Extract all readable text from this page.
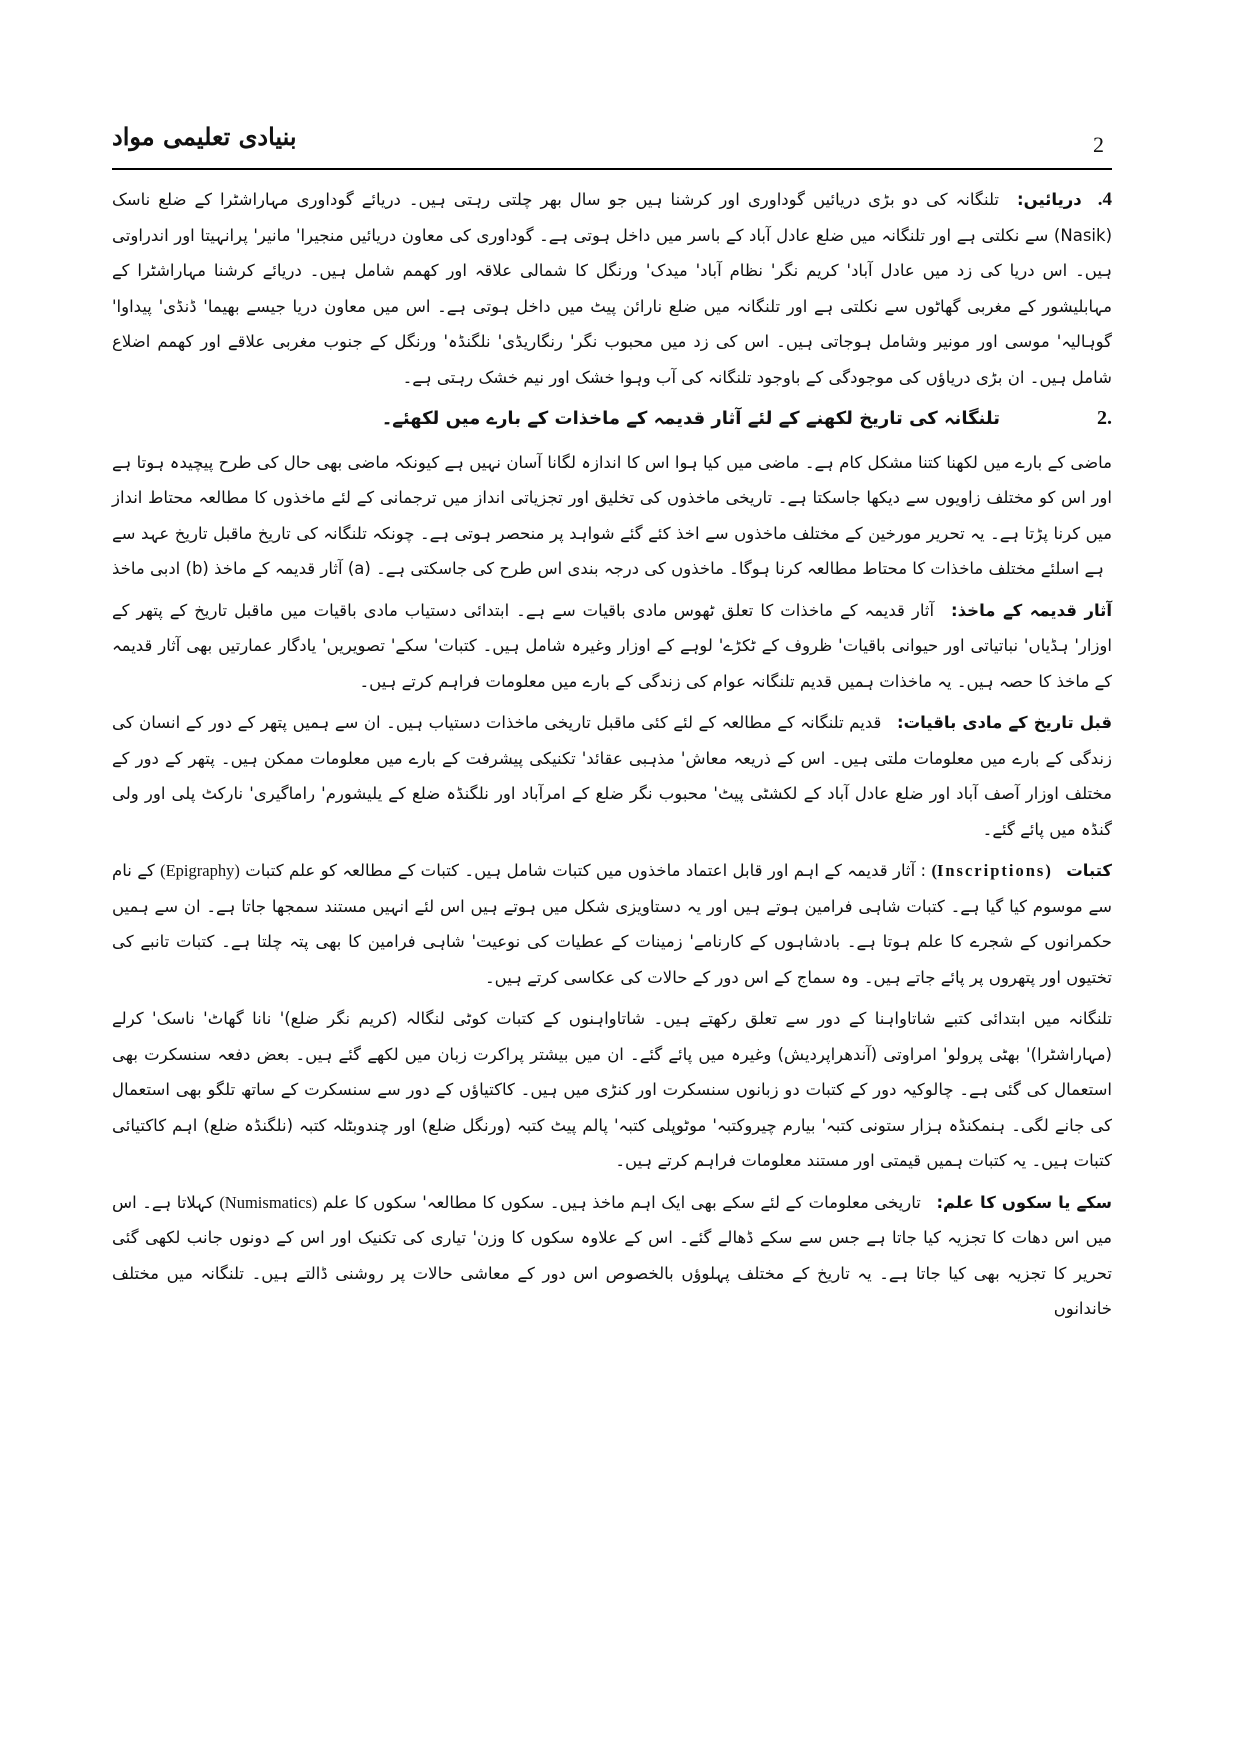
بنیادی تعلیمی مواد	2

4. دریائیں: تلنگانہ کی دو بڑی دریائیں گوداوری اور کرشنا ہیں جو سال بھر چلتی رہتی ہیں۔ دریائے گوداوری مہاراشٹرا کے ضلع ناسک (Nasik) سے نکلتی ہے اور تلنگانہ میں ضلع عادل آباد کے باسر میں داخل ہوتی ہے۔ گوداوری کی معاون دریائیں منجیرا' مانیر' پرانہیتا اور اندراوتی ہیں۔ اس دریا کی زد میں عادل آباد' کریم نگر' نظام آباد' میدک' ورنگل کا شمالی علاقہ اور کھمم شامل ہیں۔ دریائے کرشنا مہاراشٹرا کے مہابلیشور کے مغربی گھاٹوں سے نکلتی ہے اور تلنگانہ میں ضلع نارائن پیٹ میں داخل ہوتی ہے۔ اس میں معاون دریا جیسے بھیما' ڈنڈی' پیداوا' گوہالیہ' موسی اور مونیر وشامل ہوجاتی ہیں۔ اس کی زد میں محبوب نگر' رنگاریڈی' نلگنڈہ' ورنگل کے جنوب مغربی علاقے اور کھمم اضلاع شامل ہیں۔ ان بڑی دریاؤں کی موجودگی کے باوجود تلنگانہ کی آب وہوا خشک اور نیم خشک رہتی ہے۔

.2
تلنگانہ کی تاریخ لکھنے کے لئے آثار قدیمہ کے ماخذات کے بارے میں لکھئے۔

ماضی کے بارے میں لکھنا کتنا مشکل کام ہے۔ ماضی میں کیا ہوا اس کا اندازہ لگانا آسان نہیں ہے کیونکہ ماضی بھی حال کی طرح پیچیدہ ہوتا ہے اور اس کو مختلف زاویوں سے دیکھا جاسکتا ہے۔ تاریخی ماخذوں کی تخلیق اور تجزیاتی انداز میں ترجمانی کے لئے ماخذوں کا مطالعہ محتاط انداز میں کرنا پڑتا ہے۔ یہ تحریر مورخین کے مختلف ماخذوں سے اخذ کئے گئے شواہد پر منحصر ہوتی ہے۔ چونکہ تلنگانہ کی تاریخ ماقبل تاریخ عہد سے ہے اسلئے مختلف ماخذات کا محتاط مطالعہ کرنا ہوگا۔ ماخذوں کی درجہ بندی اس طرح کی جاسکتی ہے۔ (a) آثار قدیمہ کے ماخذ (b) ادبی ماخذ

آثار قدیمہ کے ماخذ: آثار قدیمہ کے ماخذات کا تعلق ٹھوس مادی باقیات سے ہے۔ ابتدائی دستیاب مادی باقیات میں ماقبل تاریخ کے پتھر کے اوزار' ہڈیاں' نباتیاتی اور حیوانی باقیات' ظروف کے ٹکڑے' لوہے کے اوزار وغیرہ شامل ہیں۔ کتبات' سکے' تصویریں' یادگار عمارتیں بھی آثار قدیمہ کے ماخذ کا حصہ ہیں۔ یہ ماخذات ہمیں قدیم تلنگانہ عوام کی زندگی کے بارے میں معلومات فراہم کرتے ہیں۔

قبل تاریخ کے مادی باقیات: قدیم تلنگانہ کے مطالعہ کے لئے کئی ماقبل تاریخی ماخذات دستیاب ہیں۔ ان سے ہمیں پتھر کے دور کے انسان کی زندگی کے بارے میں معلومات ملتی ہیں۔ اس کے ذریعہ معاش' مذہبی عقائد' تکنیکی پیشرفت کے بارے میں معلومات ممکن ہیں۔ پتھر کے دور کے مختلف اوزار آصف آباد اور ضلع عادل آباد کے لکشٹی پیٹ' محبوب نگر ضلع کے امرآباد اور نلگنڈہ ضلع کے یلیشورم' راماگیری' نارکٹ پلی اور ولی گنڈہ میں پائے گئے۔

کتبات (Inscriptions) : آثار قدیمہ کے اہم اور قابل اعتماد ماخذوں میں کتبات شامل ہیں۔ کتبات کے مطالعہ کو علم کتبات (Epigraphy) کے نام سے موسوم کیا گیا ہے۔ کتبات شاہی فرامین ہوتے ہیں اور یہ دستاویزی شکل میں ہوتے ہیں اس لئے انہیں مستند سمجھا جاتا ہے۔ ان سے ہمیں حکمرانوں کے شجرے کا علم ہوتا ہے۔ بادشاہوں کے کارنامے' زمینات کے عطیات کی نوعیت' شاہی فرامین کا بھی پتہ چلتا ہے۔ کتبات تانبے کی تختیوں اور پتھروں پر پائے جاتے ہیں۔ وہ سماج کے اس دور کے حالات کی عکاسی کرتے ہیں۔

تلنگانہ میں ابتدائی کتبے شاتاواہنا کے دور سے تعلق رکھتے ہیں۔ شاتاواہنوں کے کتبات کوٹی لنگالہ (کریم نگر ضلع)' نانا گھاٹ' ناسک' کرلے (مہاراشٹرا)' بھٹی پرولو' امراوتی (آندھراپردیش) وغیرہ میں پائے گئے۔ ان میں بیشتر پراکرت زبان میں لکھے گئے ہیں۔ بعض دفعہ سنسکرت بھی استعمال کی گئی ہے۔ چالوکیہ دور کے کتبات دو زبانوں سنسکرت اور کنڑی میں ہیں۔ کاکتیاؤں کے دور سے سنسکرت کے ساتھ تلگو بھی استعمال کی جانے لگی۔ ہنمکنڈہ ہزار ستونی کتبہ' بیارم چیروکتبہ' موٹوپلی کتبہ' پالم پیٹ کتبہ (ورنگل ضلع) اور چندوبٹلہ کتبہ (نلگنڈہ ضلع) اہم کاکتیائی کتبات ہیں۔ یہ کتبات ہمیں قیمتی اور مستند معلومات فراہم کرتے ہیں۔

سکے یا سکوں کا علم: تاریخی معلومات کے لئے سکے بھی ایک اہم ماخذ ہیں۔ سکوں کا مطالعہ' سکوں کا علم (Numismatics) کہلاتا ہے۔ اس میں اس دھات کا تجزیہ کیا جاتا ہے جس سے سکے ڈھالے گئے۔ اس کے علاوہ سکوں کا وزن' تیاری کی تکنیک اور اس کے دونوں جانب لکھی گئی تحریر کا تجزیہ بھی کیا جاتا ہے۔ یہ تاریخ کے مختلف پہلوؤں بالخصوص اس دور کے معاشی حالات پر روشنی ڈالتے ہیں۔ تلنگانہ میں مختلف خاندانوں
